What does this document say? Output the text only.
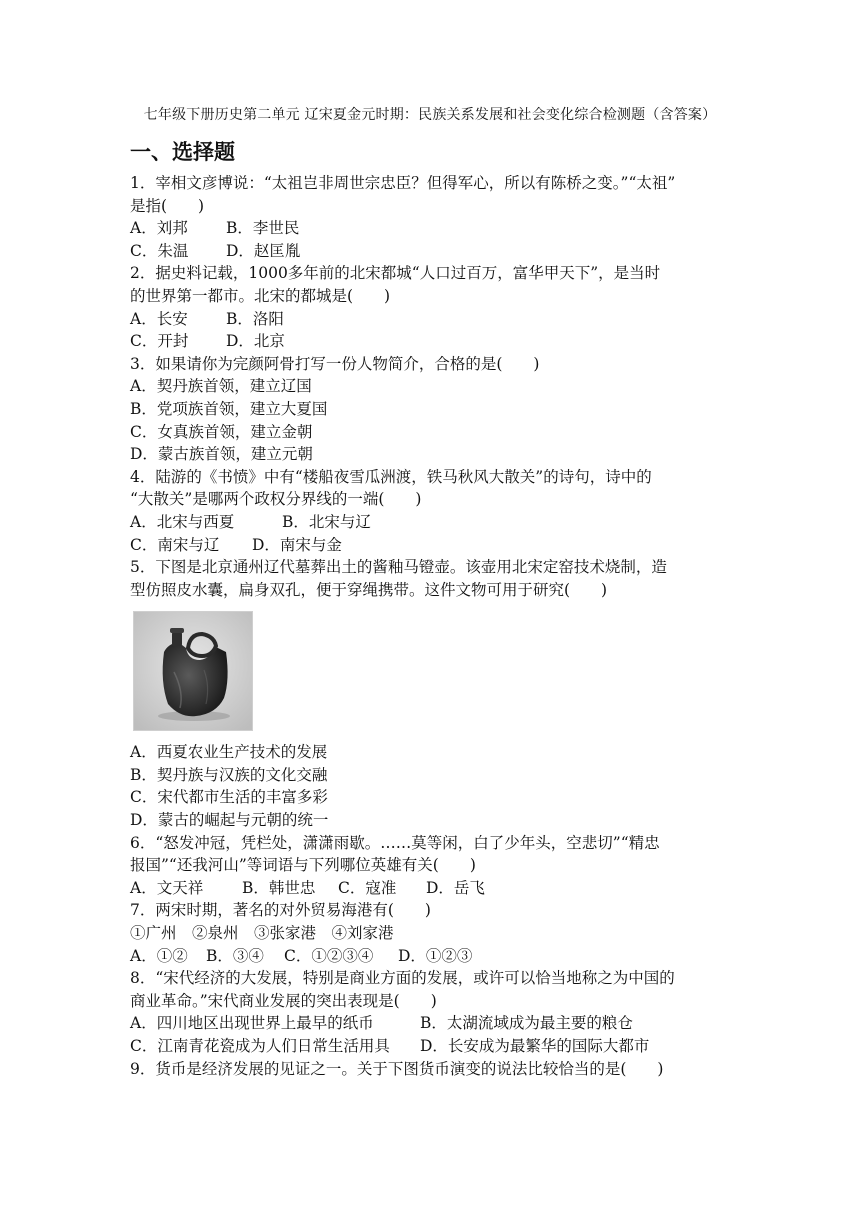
七年级下册历史第二单元 辽宋夏金元时期：民族关系发展和社会变化综合检测题（含答案）
一、选择题
1．宰相文彦博说：“太祖岂非周世宗忠臣？但得军心，所以有陈桥之变。”“太祖”
是指(　　)
A．刘邦 B．李世民
C．朱温 D．赵匡胤
2．据史料记载，1000多年前的北宋都城“人口过百万，富华甲天下”，是当时
的世界第一都市。北宋的都城是(　　)
A．长安 B．洛阳
C．开封 D．北京
3．如果请你为完颜阿骨打写一份人物简介，合格的是(　　)
A．契丹族首领，建立辽国
B．党项族首领，建立大夏国
C．女真族首领，建立金朝
D．蒙古族首领，建立元朝
4．陆游的《书愤》中有“楼船夜雪瓜洲渡，铁马秋风大散关”的诗句，诗中的
“大散关”是哪两个政权分界线的一端(　　)
A．北宋与西夏	B．北宋与辽
C．南宋与辽 D．南宋与金
5．下图是北京通州辽代墓葬出土的酱釉马镫壶。该壶用北宋定窑技术烧制，造
型仿照皮水囊，扁身双孔，便于穿绳携带。这件文物可用于研究(　　)
A．西夏农业生产技术的发展
B．契丹族与汉族的文化交融
C．宋代都市生活的丰富多彩
D．蒙古的崛起与元朝的统一
6．“怒发冲冠，凭栏处，潇潇雨歇。……莫等闲，白了少年头，空悲切”“精忠
报国”“还我河山”等词语与下列哪位英雄有关(　　)
A．文天祥	B．韩世忠 C．寇准 D．岳飞
7．两宋时期，著名的对外贸易海港有(　　)
①广州　②泉州　③张家港　④刘家港
A．①② B．③④ C．①②③④ D．①②③
8．“宋代经济的大发展，特别是商业方面的发展，或许可以恰当地称之为中国的
商业革命。”宋代商业发展的突出表现是(　　)
A．四川地区出现世界上最早的纸币	B．太湖流域成为最主要的粮仓
C．江南青花瓷成为人们日常生活用具 D．长安成为最繁华的国际大都市
9．货币是经济发展的见证之一。关于下图货币演变的说法比较恰当的是(　　)
